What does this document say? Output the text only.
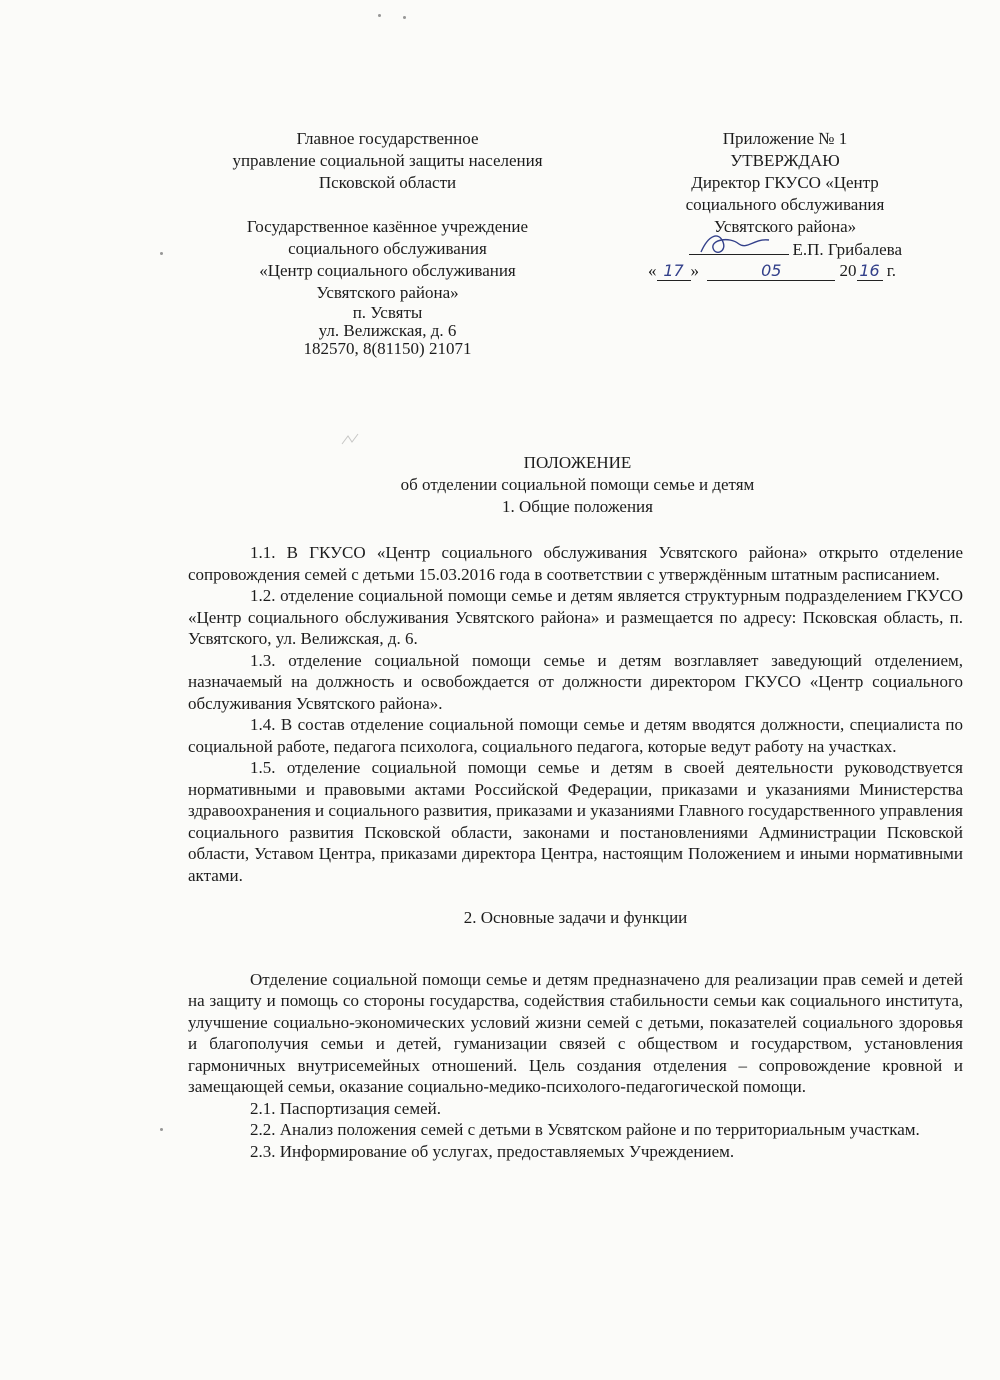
Главное государственное
управление социальной защиты населения
Псковской области
Государственное казённое учреждение
социального обслуживания
«Центр социального обслуживания
Усвятского района»
п. Усвяты
ул. Велижская, д. 6
182570, 8(81150) 21071
Приложение № 1
УТВЕРЖДАЮ
Директор ГКУСО «Центр
социального обслуживания
Усвятского района»
Е.П. Грибалева
« 17 »	05	20 16 г.
ПОЛОЖЕНИЕ
об отделении социальной помощи семье и детям
1. Общие положения

1.1. В ГКУСО «Центр социального обслуживания Усвятского района» открыто отделение сопровождения семей с детьми 15.03.2016 года в соответствии с утверждённым штатным расписанием.

1.2. отделение социальной помощи семье и детям является структурным подразделением ГКУСО «Центр социального обслуживания Усвятского района» и размещается по адресу: Псковская область, п. Усвятского, ул. Велижская, д. 6.

1.3. отделение социальной помощи семье и детям возглавляет заведующий отделением, назначаемый на должность и освобождается от должности директором ГКУСО «Центр социального обслуживания Усвятского района».

1.4. В состав отделение социальной помощи семье и детям вводятся должности, специалиста по социальной работе, педагога психолога, социального педагога, которые ведут работу на участках.

1.5. отделение социальной помощи семье и детям в своей деятельности руководствуется нормативными и правовыми актами Российской Федерации, приказами и указаниями Министерства здравоохранения и социального развития, приказами и указаниями Главного государственного управления социального развития Псковской области, законами и постановлениями Администрации Псковской области, Уставом Центра, приказами директора Центра, настоящим Положением и иными нормативными актами.

2. Основные задачи и функции

Отделение социальной помощи семье и детям предназначено для реализации прав семей и детей на защиту и помощь со стороны государства, содействия стабильности семьи как социального института, улучшение социально-экономических условий жизни семей с детьми, показателей социального здоровья и благополучия семьи и детей, гуманизации связей с обществом и государством, установления гармоничных внутрисемейных отношений. Цель создания отделения – сопровождение кровной и замещающей семьи, оказание социально-медико-психолого-педагогической помощи.

2.1. Паспортизация семей.

2.2. Анализ положения семей с детьми в Усвятском районе и по территориальным участкам.

2.3. Информирование об услугах, предоставляемых Учреждением.
